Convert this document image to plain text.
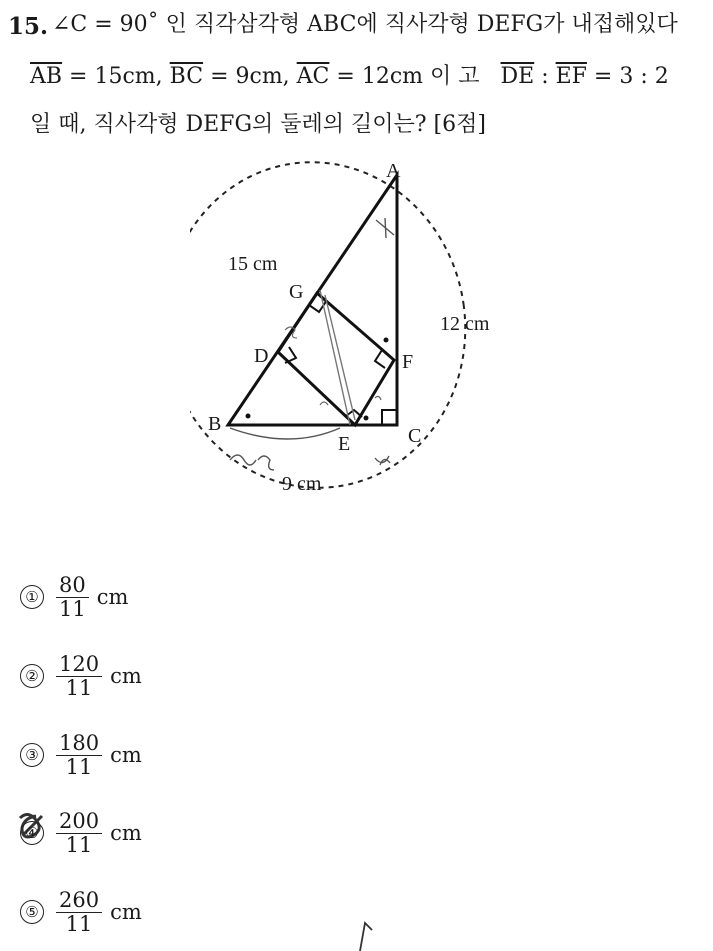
15. ∠C = 90˚ 인 직각삼각형 ABC에 직사각형 DEFG가 내접해있다
$\overline{AB} = 15cm$, $\overline{BC} = 9cm$, $\overline{AC} = 12cm$ 이 고 $\overline{DE}$ : $\overline{EF} = 3$ : 2
일 때, 직사각형 DEFG의 둘레의 길이는? [6점]
A
B
C
D
E
F
G
15 cm
12 cm
9 cm
① $\frac{80}{11}$ cm
② $\frac{120}{11}$ cm
③ $\frac{180}{11}$ cm
④ $\frac{200}{11}$ cm
⑤ $\frac{260}{11}$ cm
